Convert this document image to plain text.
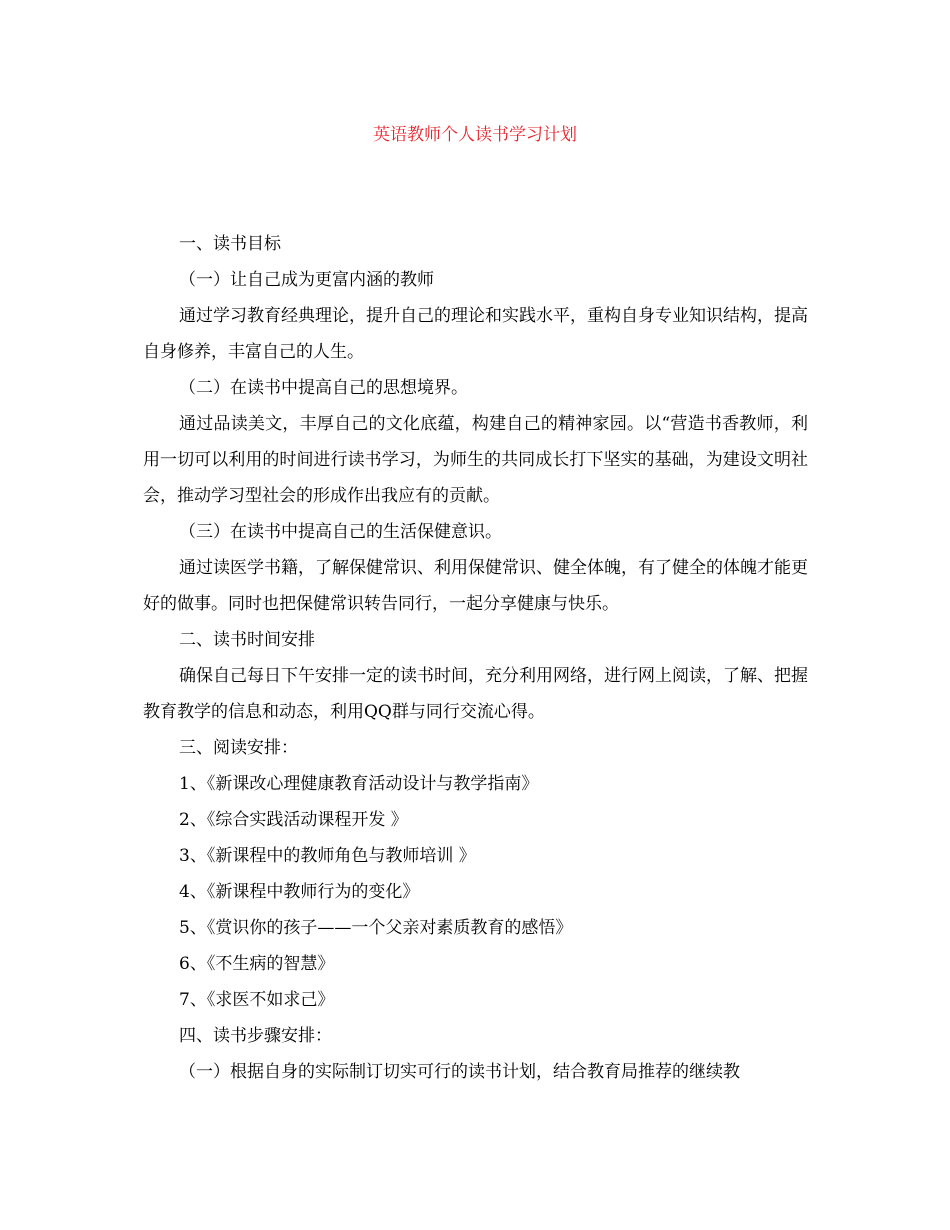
英语教师个人读书学习计划

一、读书目标

（一）让自己成为更富内涵的教师

通过学习教育经典理论，提升自己的理论和实践水平，重构自身专业知识结构，提高自身修养，丰富自己的人生。

（二）在读书中提高自己的思想境界。

通过品读美文，丰厚自己的文化底蕴，构建自己的精神家园。以“营造书香教师，利用一切可以利用的时间进行读书学习，为师生的共同成长打下坚实的基础，为建设文明社会，推动学习型社会的形成作出我应有的贡献。

（三）在读书中提高自己的生活保健意识。

通过读医学书籍，了解保健常识、利用保健常识、健全体魄，有了健全的体魄才能更好的做事。同时也把保健常识转告同行，一起分享健康与快乐。

二、读书时间安排

确保自己每日下午安排一定的读书时间，充分利用网络，进行网上阅读，了解、把握教育教学的信息和动态，利用QQ群与同行交流心得。

三、阅读安排：

1、《新课改心理健康教育活动设计与教学指南》

2、《综合实践活动课程开发 》

3、《新课程中的教师角色与教师培训 》

4、《新课程中教师行为的变化》

5、《赏识你的孩子——一个父亲对素质教育的感悟》

6、《不生病的智慧》

7、《求医不如求己》

四、读书步骤安排：

（一）根据自身的实际制订切实可行的读书计划，结合教育局推荐的继续教
